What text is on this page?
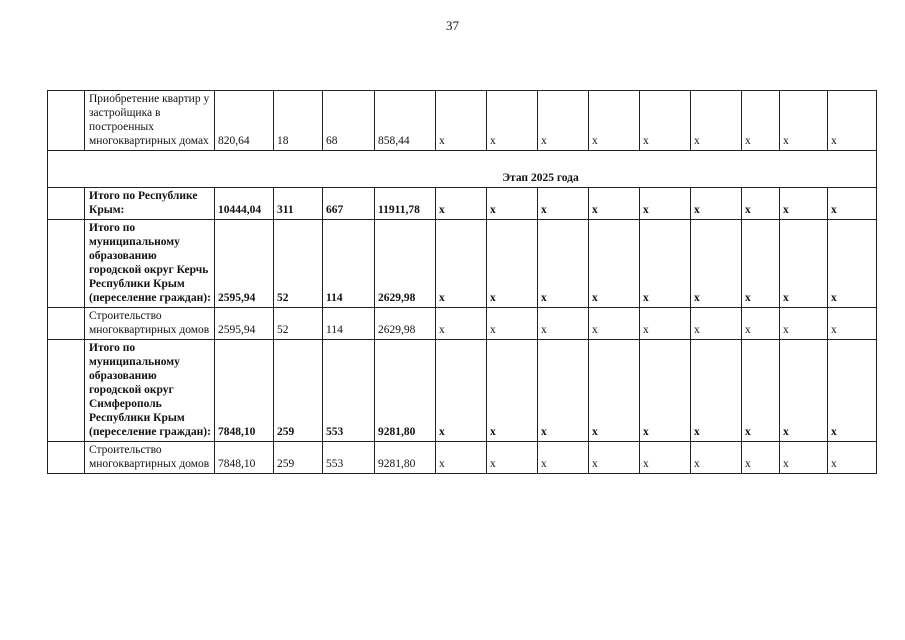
37
	Приобретение квартир у застройщика в построенных многоквартирных домах	820,64	18	68	858,44	x	x	x	x	x	x	x	x	x
Этап 2025 года														
	Итого по Республике Крым:	10444,04	311	667	11911,78	x	x	x	x	x	x	x	x	x
	Итого по муниципальному образованию городской округ Керчь Республики Крым (переселение граждан):	2595,94	52	114	2629,98	x	x	x	x	x	x	x	x	x
	Строительство многоквартирных домов	2595,94	52	114	2629,98	x	x	x	x	x	x	x	x	x
	Итого по муниципальному образованию городской округ Симферополь Республики Крым (переселение граждан):	7848,10	259	553	9281,80	x	x	x	x	x	x	x	x	x
	Строительство многоквартирных домов	7848,10	259	553	9281,80	x	x	x	x	x	x	x	x	x
